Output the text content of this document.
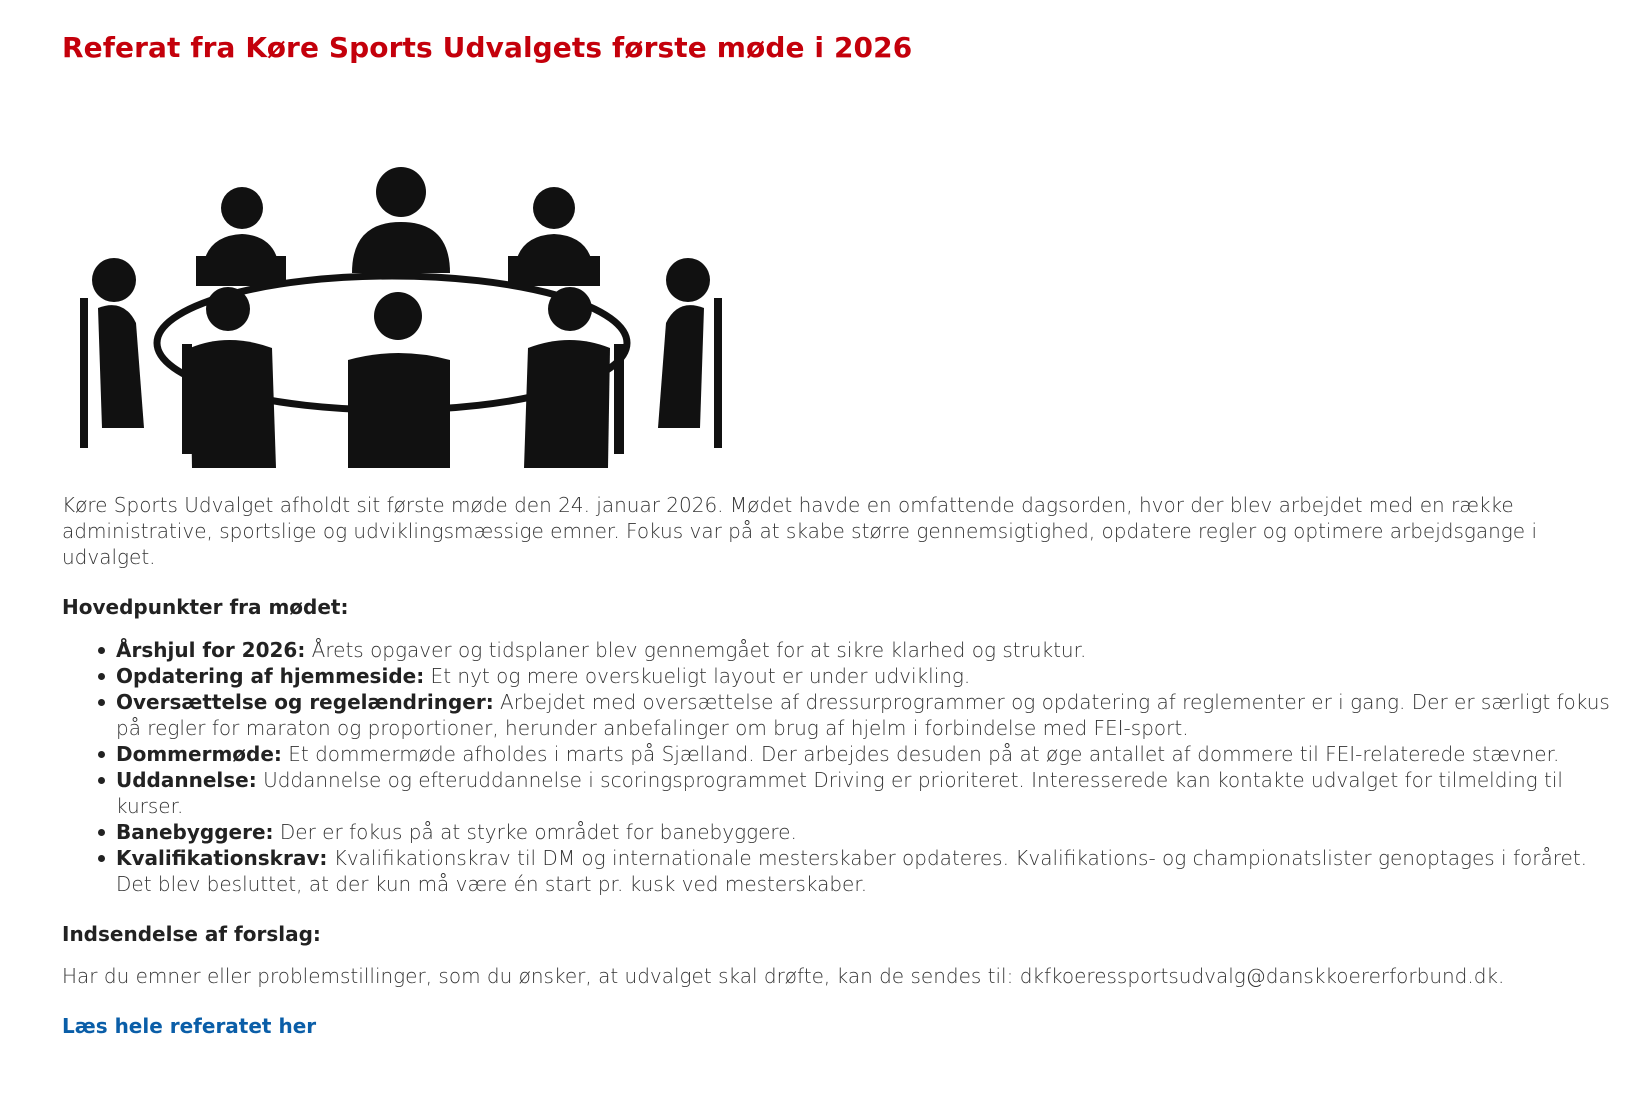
Referat fra Køre Sports Udvalgets første møde i 2026

Køre Sports Udvalget afholdt sit første møde den 24. januar 2026. Mødet havde en omfattende dagsorden, hvor der blev arbejdet med en række administrative, sportslige og udviklingsmæssige emner. Fokus var på at skabe større gennemsigtighed, opdatere regler og optimere arbejdsgange i udvalget.

Hovedpunkter fra mødet:
Årshjul for 2026: Årets opgaver og tidsplaner blev gennemgået for at sikre klarhed og struktur.
Opdatering af hjemmeside: Et nyt og mere overskueligt layout er under udvikling.
Oversættelse og regelændringer: Arbejdet med oversættelse af dressurprogrammer og opdatering af reglementer er i gang. Der er særligt fokus på regler for maraton og proportioner, herunder anbefalinger om brug af hjelm i forbindelse med FEI-sport.
Dommermøde: Et dommermøde afholdes i marts på Sjælland. Der arbejdes desuden på at øge antallet af dommere til FEI-relaterede stævner.
Uddannelse: Uddannelse og efteruddannelse i scoringsprogrammet Driving er prioriteret. Interesserede kan kontakte udvalget for tilmelding til kurser.
Banebyggere: Der er fokus på at styrke området for banebyggere.
Kvalifikationskrav: Kvalifikationskrav til DM og internationale mesterskaber opdateres. Kvalifikations- og championatslister genoptages i foråret. Det blev besluttet, at der kun må være én start pr. kusk ved mesterskaber.
Indsendelse af forslag:

Har du emner eller problemstillinger, som du ønsker, at udvalget skal drøfte, kan de sendes til: dkfkoeressportsudvalg@danskkoererforbund.dk.

Læs hele referatet her
